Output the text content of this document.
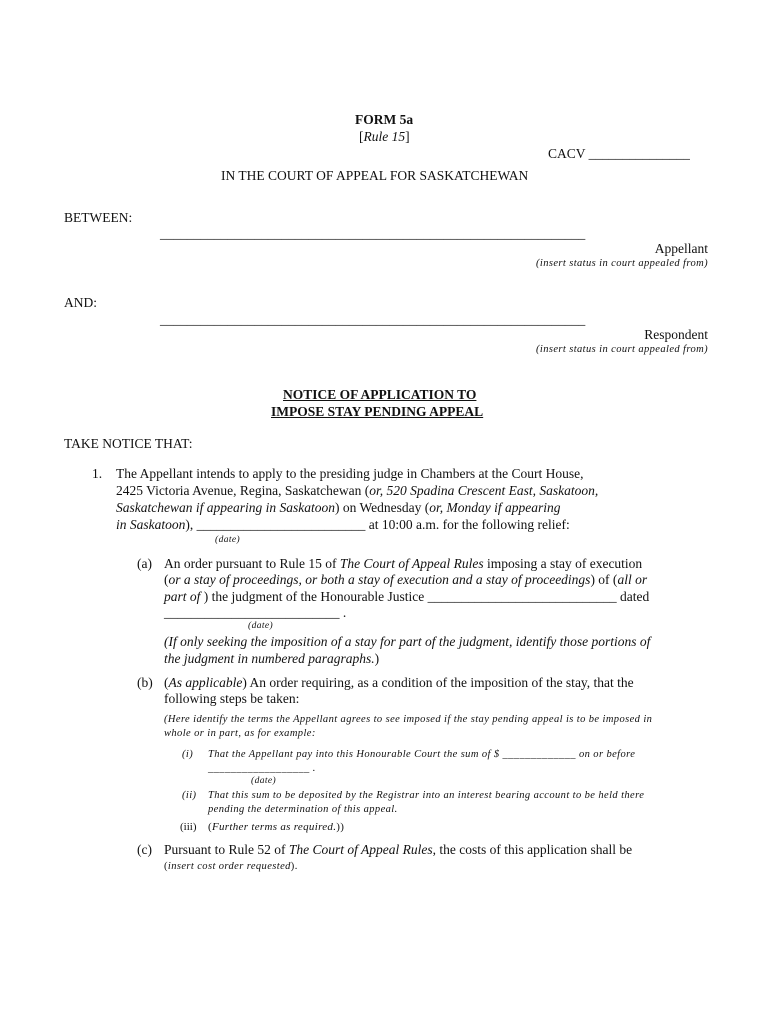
FORM 5a
[Rule 15]
CACV _______________
IN THE COURT OF APPEAL FOR SASKATCHEWAN
BETWEEN:
_______________________________________________________________
Appellant
(insert status in court appealed from)
AND:
_______________________________________________________________
Respondent
(insert status in court appealed from)
NOTICE OF APPLICATION TO
IMPOSE STAY PENDING APPEAL
TAKE NOTICE THAT:
1. The Appellant intends to apply to the presiding judge in Chambers at the Court House,
2425 Victoria Avenue, Regina, Saskatchewan (or, 520 Spadina Crescent East, Saskatoon,
Saskatchewan if appearing in Saskatoon) on Wednesday (or, Monday if appearing
in Saskatoon), _________________________ at 10:00 a.m. for the following relief:
(date)
(a) An order pursuant to Rule 15 of The Court of Appeal Rules imposing a stay of execution
(or a stay of proceedings, or both a stay of execution and a stay of proceedings) of (all or
part of ) the judgment of the Honourable Justice ____________________________ dated
__________________________ .
(date)
(If only seeking the imposition of a stay for part of the judgment, identify those portions of
the judgment in numbered paragraphs.)
(b) (As applicable) An order requiring, as a condition of the imposition of the stay, that the
following steps be taken:
(Here identify the terms the Appellant agrees to see imposed if the stay pending appeal is to be imposed in
whole or in part, as for example:
(i) That the Appellant pay into this Honourable Court the sum of $ _____________ on or before
__________________ .
(date)
(ii) That this sum to be deposited by the Registrar into an interest bearing account to be held there
pending the determination of this appeal.
(iii) (Further terms as required.))
(c) Pursuant to Rule 52 of The Court of Appeal Rules, the costs of this application shall be
(insert cost order requested).
